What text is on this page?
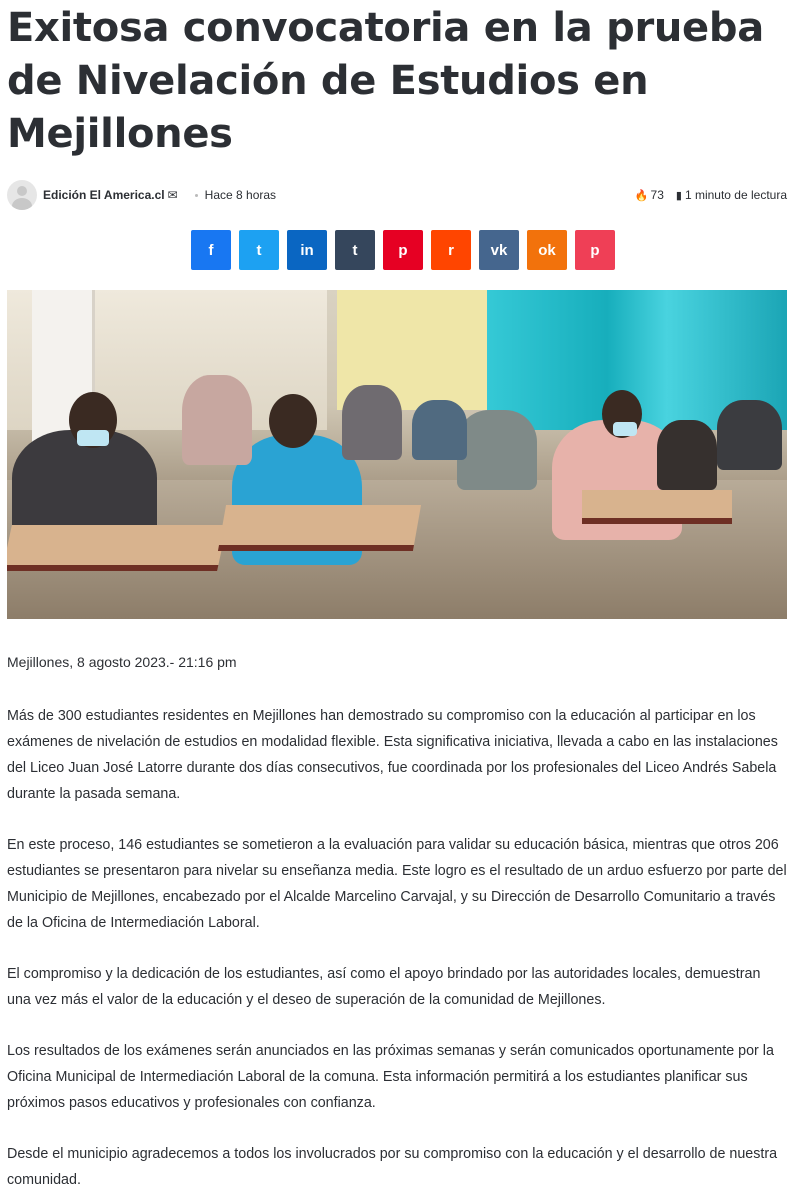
Exitosa convocatoria en la prueba de Nivelación de Estudios en Mejillones
Edición El America.cl ✉ Hace 8 horas	🔥 73 ▮ 1 minuto de lectura
f	t	in	t	p	r vk ok p
Mejillones, 8 agosto 2023.- 21:16 pm

Más de 300 estudiantes residentes en Mejillones han demostrado su compromiso con la educación al participar en los exámenes de nivelación de estudios en modalidad flexible. Esta significativa iniciativa, llevada a cabo en las instalaciones del Liceo Juan José Latorre durante dos días consecutivos, fue coordinada por los profesionales del Liceo Andrés Sabela durante la pasada semana.

En este proceso, 146 estudiantes se sometieron a la evaluación para validar su educación básica, mientras que otros 206 estudiantes se presentaron para nivelar su enseñanza media. Este logro es el resultado de un arduo esfuerzo por parte del Municipio de Mejillones, encabezado por el Alcalde Marcelino Carvajal, y su Dirección de Desarrollo Comunitario a través de la Oficina de Intermediación Laboral.

El compromiso y la dedicación de los estudiantes, así como el apoyo brindado por las autoridades locales, demuestran una vez más el valor de la educación y el deseo de superación de la comunidad de Mejillones.

Los resultados de los exámenes serán anunciados en las próximas semanas y serán comunicados oportunamente por la Oficina Municipal de Intermediación Laboral de la comuna. Esta información permitirá a los estudiantes planificar sus próximos pasos educativos y profesionales con confianza.

Desde el municipio agradecemos a todos los involucrados por su compromiso con la educación y el desarrollo de nuestra comunidad.
